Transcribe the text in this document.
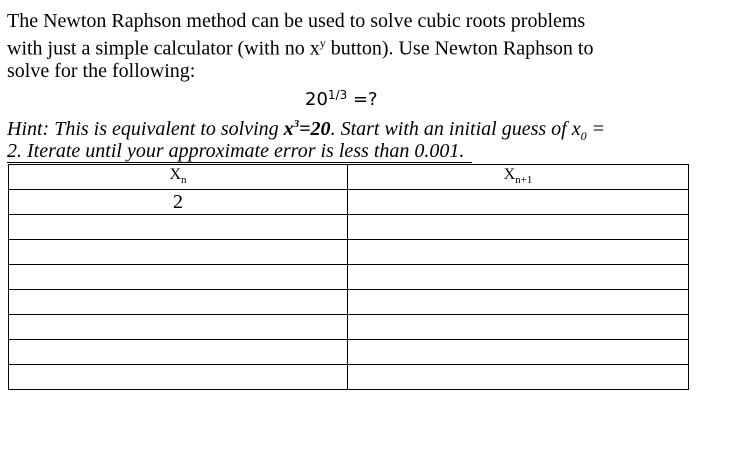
The Newton Raphson method can be used to solve cubic roots problems
with just a simple calculator (with no $x^y$ button). Use Newton Raphson to
solve for the following:
$20^{1/3}$ =?
Hint: This is equivalent to solving $x^3=20$. Start with an initial guess of $x_0$ =
2. Iterate until your approximate error is less than 0.001.
$X_n$	$X_{n+1}$
2	
